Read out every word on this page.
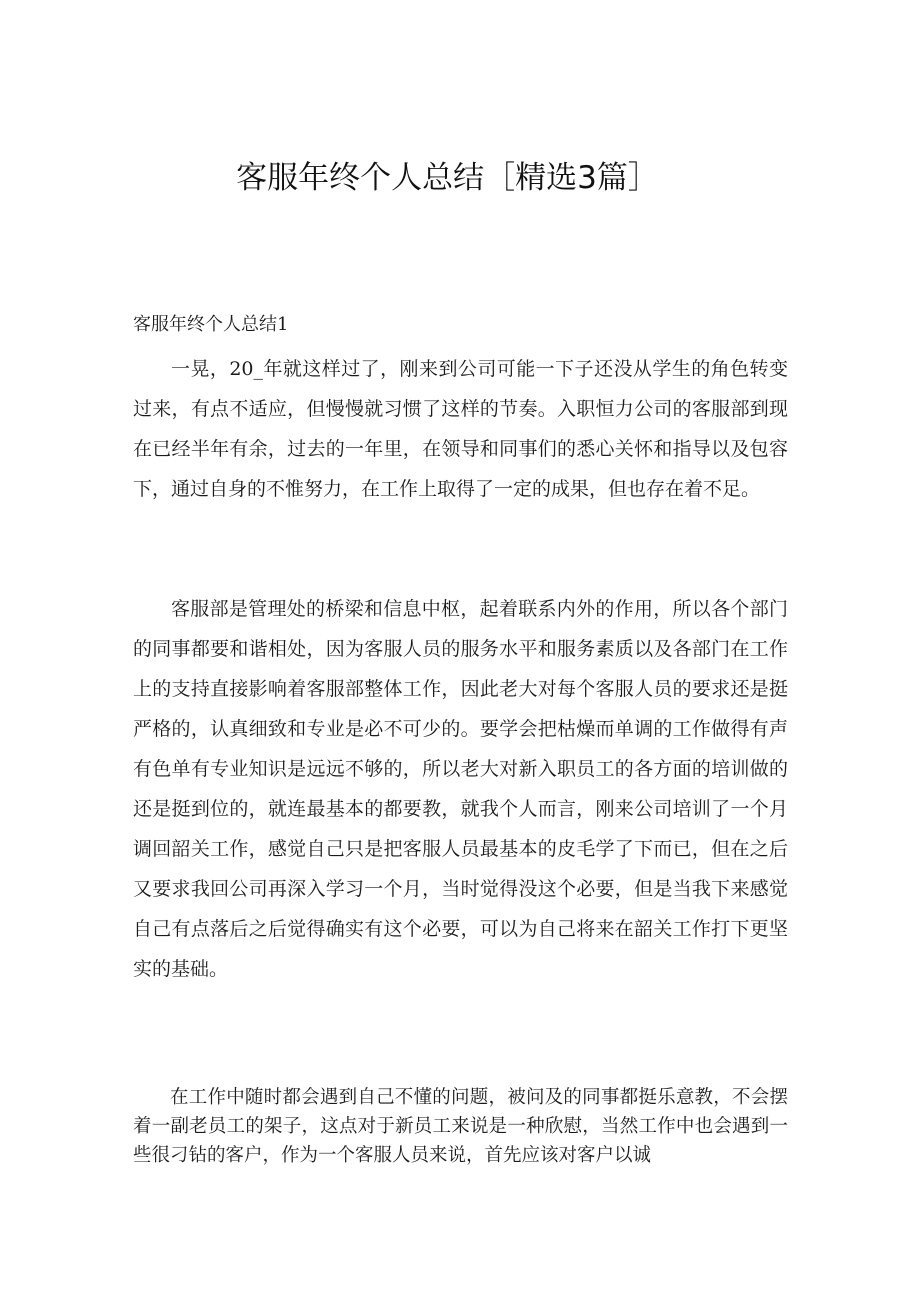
客服年终个人总结［精选3篇］
客服年终个人总结1

一晃，20_年就这样过了，刚来到公司可能一下子还没从学生的角色转变过来，有点不适应，但慢慢就习惯了这样的节奏。入职恒力公司的客服部到现在已经半年有余，过去的一年里，在领导和同事们的悉心关怀和指导以及包容下，通过自身的不惟努力，在工作上取得了一定的成果，但也存在着不足。

客服部是管理处的桥梁和信息中枢，起着联系内外的作用，所以各个部门的同事都要和谐相处，因为客服人员的服务水平和服务素质以及各部门在工作上的支持直接影响着客服部整体工作，因此老大对每个客服人员的要求还是挺严格的，认真细致和专业是必不可少的。要学会把枯燥而单调的工作做得有声有色单有专业知识是远远不够的，所以老大对新入职员工的各方面的培训做的还是挺到位的，就连最基本的都要教，就我个人而言，刚来公司培训了一个月调回韶关工作，感觉自己只是把客服人员最基本的皮毛学了下而已，但在之后又要求我回公司再深入学习一个月，当时觉得没这个必要，但是当我下来感觉自己有点落后之后觉得确实有这个必要，可以为自己将来在韶关工作打下更坚实的基础。

在工作中随时都会遇到自己不懂的问题，被问及的同事都挺乐意教，不会摆着一副老员工的架子，这点对于新员工来说是一种欣慰，当然工作中也会遇到一些很刁钻的客户，作为一个客服人员来说，首先应该对客户以诚
